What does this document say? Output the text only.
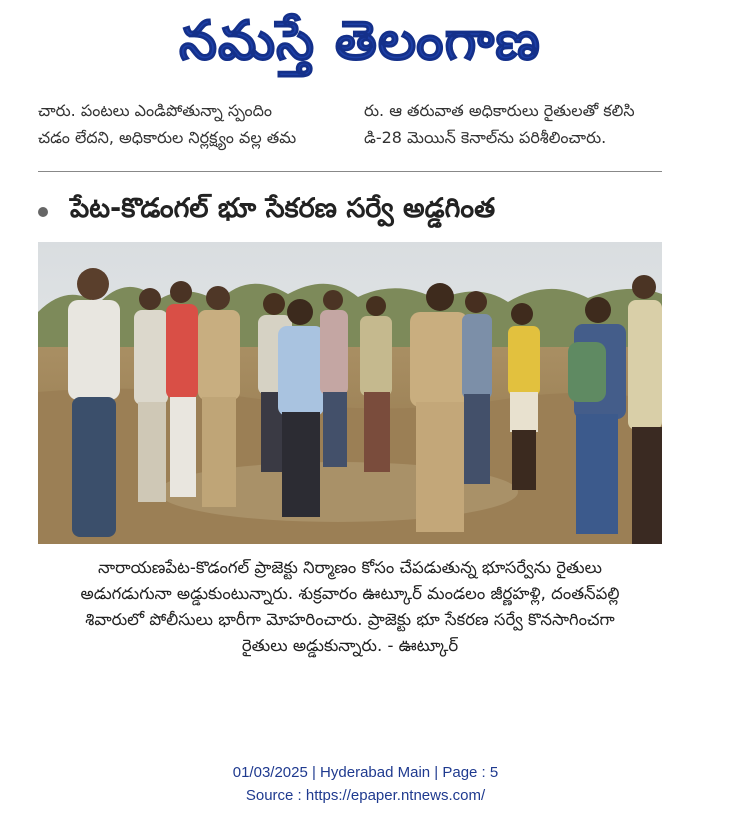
నమస్తే తెలంగాణ
చారు. పంటలు ఎండిపోతున్నా స్పందిం
చడం లేదని, అధికారుల నిర్లక్ష్యం వల్ల తమ
రు. ఆ తరువాత అధికారులు రైతులతో కలిసి
డి-28 మెయిన్ కెనాల్‌ను పరిశీలించారు.
పేట-కొడంగల్ భూ సేకరణ సర్వే అడ్డగింత
నారాయణపేట-కొడంగల్ ప్రాజెక్టు నిర్మాణం కోసం చేపడుతున్న భూసర్వేను రైతులు
అడుగడుగునా అడ్డుకుంటున్నారు. శుక్రవారం ఊట్కూర్ మండలం జీర్ణహళ్లి, దంతన్‌పల్లి
శివారులో పోలీసులు భారీగా మోహరించారు. ప్రాజెక్టు భూ సేకరణ సర్వే కొనసాగించగా
రైతులు అడ్డుకున్నారు. - ఊట్కూర్
01/03/2025 | Hyderabad Main | Page : 5
Source : https://epaper.ntnews.com/
